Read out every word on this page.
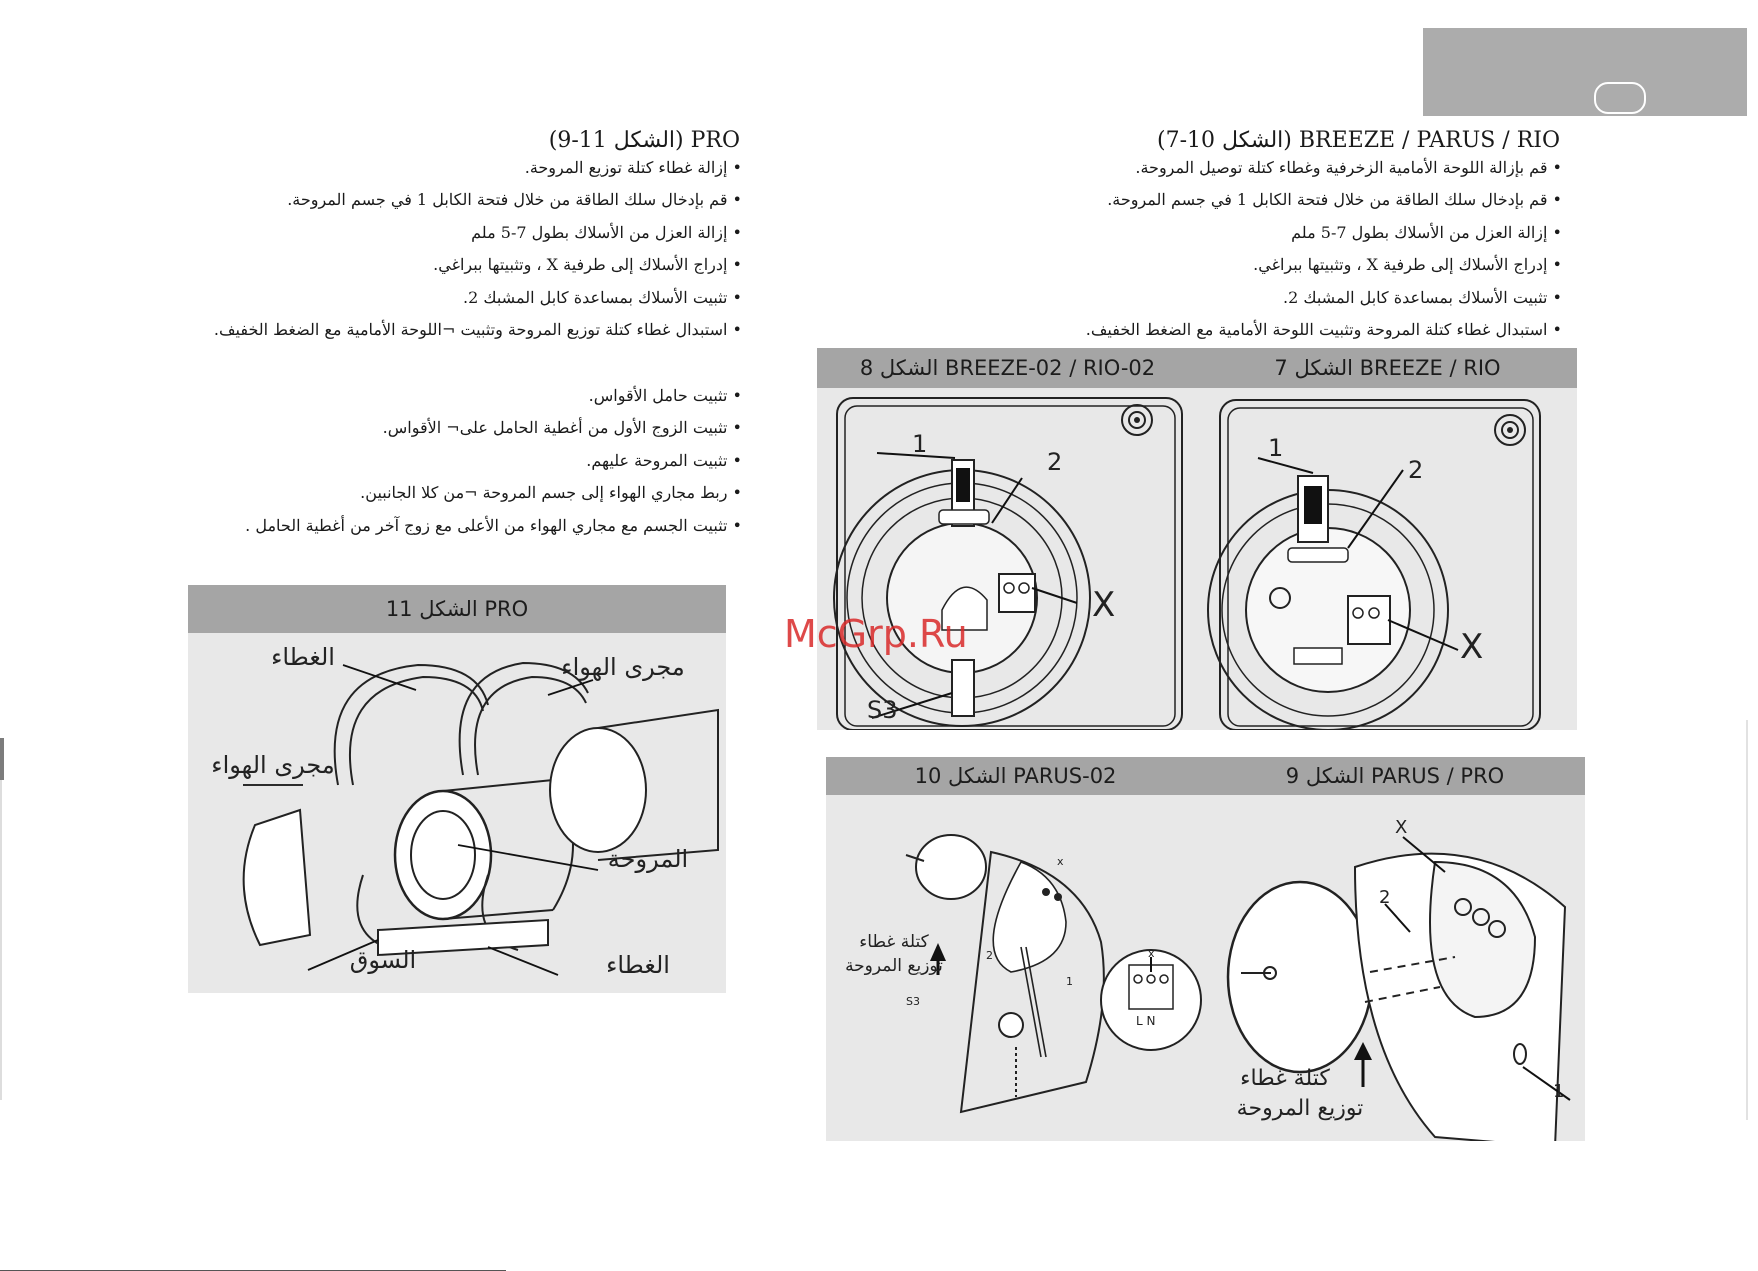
BREEZE / PARUS / RIO (الشكل 10-7)
• قم بإزالة اللوحة الأمامية الزخرفية وغطاء كتلة توصيل المروحة.
• قم بإدخال سلك الطاقة من خلال فتحة الكابل 1 في جسم المروحة.
• إزالة العزل من الأسلاك بطول 7-5 ملم
• إدراج الأسلاك إلى طرفية X ، وتثبيتها ببراغي.
• تثبيت الأسلاك بمساعدة كابل المشبك 2.
• استبدال غطاء كتلة المروحة وتثبيت اللوحة الأمامية مع الضغط الخفيف.
PRO (الشكل 11-9)
• إزالة غطاء كتلة توزيع المروحة.
• قم بإدخال سلك الطاقة من خلال فتحة الكابل 1 في جسم المروحة.
• إزالة العزل من الأسلاك بطول 7-5 ملم
• إدراج الأسلاك إلى طرفية X ، وتثبيتها ببراغي.
• تثبيت الأسلاك بمساعدة كابل المشبك 2.
• استبدال غطاء كتلة توزيع المروحة وتثبيت ¬اللوحة الأمامية مع الضغط الخفيف.
• تثبيت حامل الأقواس.
• تثبيت الزوج الأول من أغطية الحامل على¬ الأقواس.
• تثبيت المروحة عليهم.
• ربط مجاري الهواء إلى جسم المروحة ¬من كلا الجانبين.
• تثبيت الجسم مع مجاري الهواء من الأعلى مع زوج آخر من أغطية الحامل .
1
2
X
S3
الشكل 8 BREEZE-02 / RIO-02
1
2
X
الشكل 7 BREEZE / RIO
الغطاء	مجرى الهواء
مجرى الهواء
المروحة
السوق	الغطاء
الشكل 11 PRO
x
x
L N
2
1
S3
كتلة غطاء
توزيع المروحة
الشكل 10 PARUS-02
X
2
1
كتلة غطاء
توزيع المروحة
الشكل 9 PARUS / PRO
McGrp.Ru
